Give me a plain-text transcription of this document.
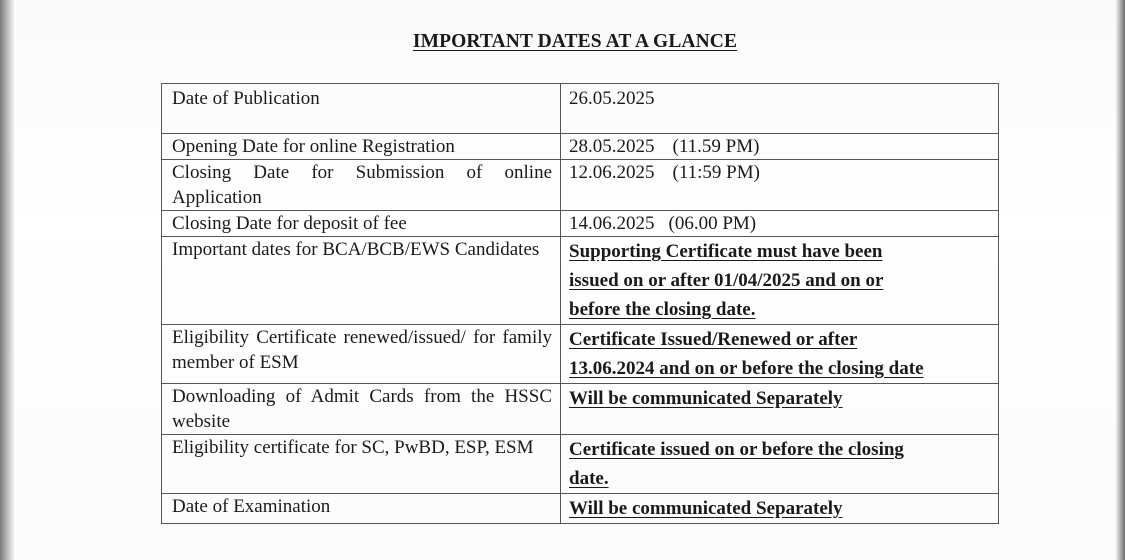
IMPORTANT DATES AT A GLANCE
Date of Publication	26.05.2025
Opening Date for online Registration	28.05.2025 (11.59 PM)
Closing Date for Submission of online Application	12.06.2025 (11:59 PM)
Closing Date for deposit of fee	14.06.2025 (06.00 PM)
Important dates for BCA/BCB/EWS Candidates	Supporting Certificate must have been
issued on or after 01/04/2025 and on or
before the closing date.

Eligibility Certificate renewed/issued/ for family member of ESM	Certificate Issued/Renewed or after
13.06.2024 and on or before the closing date

Downloading of Admit Cards from the HSSC website	Will be communicated Separately

Eligibility certificate for SC, PwBD, ESP, ESM	Certificate issued on or before the closing
date.

Date of Examination	Will be communicated Separately
